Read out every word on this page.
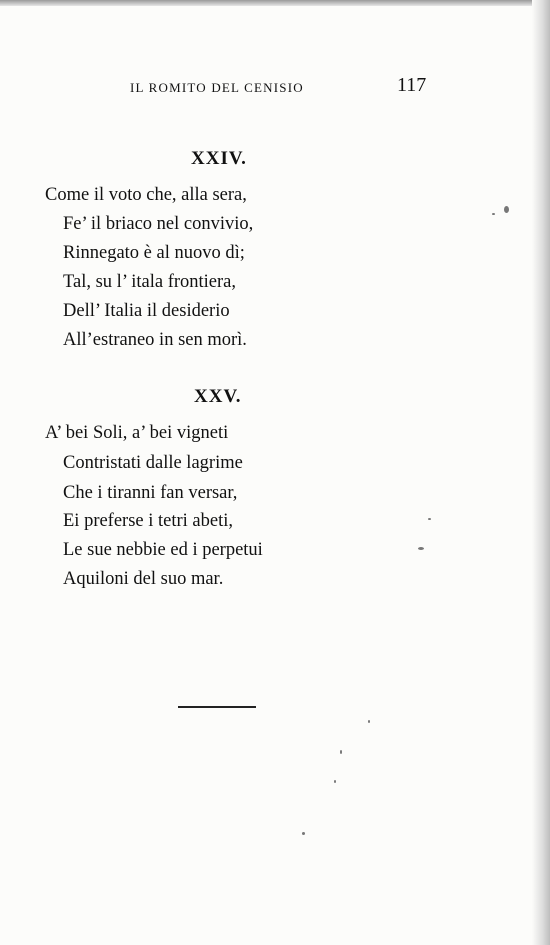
IL ROMITO DEL CENISIO	117
XXIV.
Come il voto che, alla sera,
Fe’ il briaco nel convivio,
Rinnegato è al nuovo dì;
Tal, su l’ itala frontiera,
Dell’ Italia il desiderio
All’estraneo in sen morì.
XXV.
A’ bei Soli, a’ bei vigneti
Contristati dalle lagrime
Che i tiranni fan versar,
Ei preferse i tetri abeti,
Le sue nebbie ed i perpetui
Aquiloni del suo mar.
